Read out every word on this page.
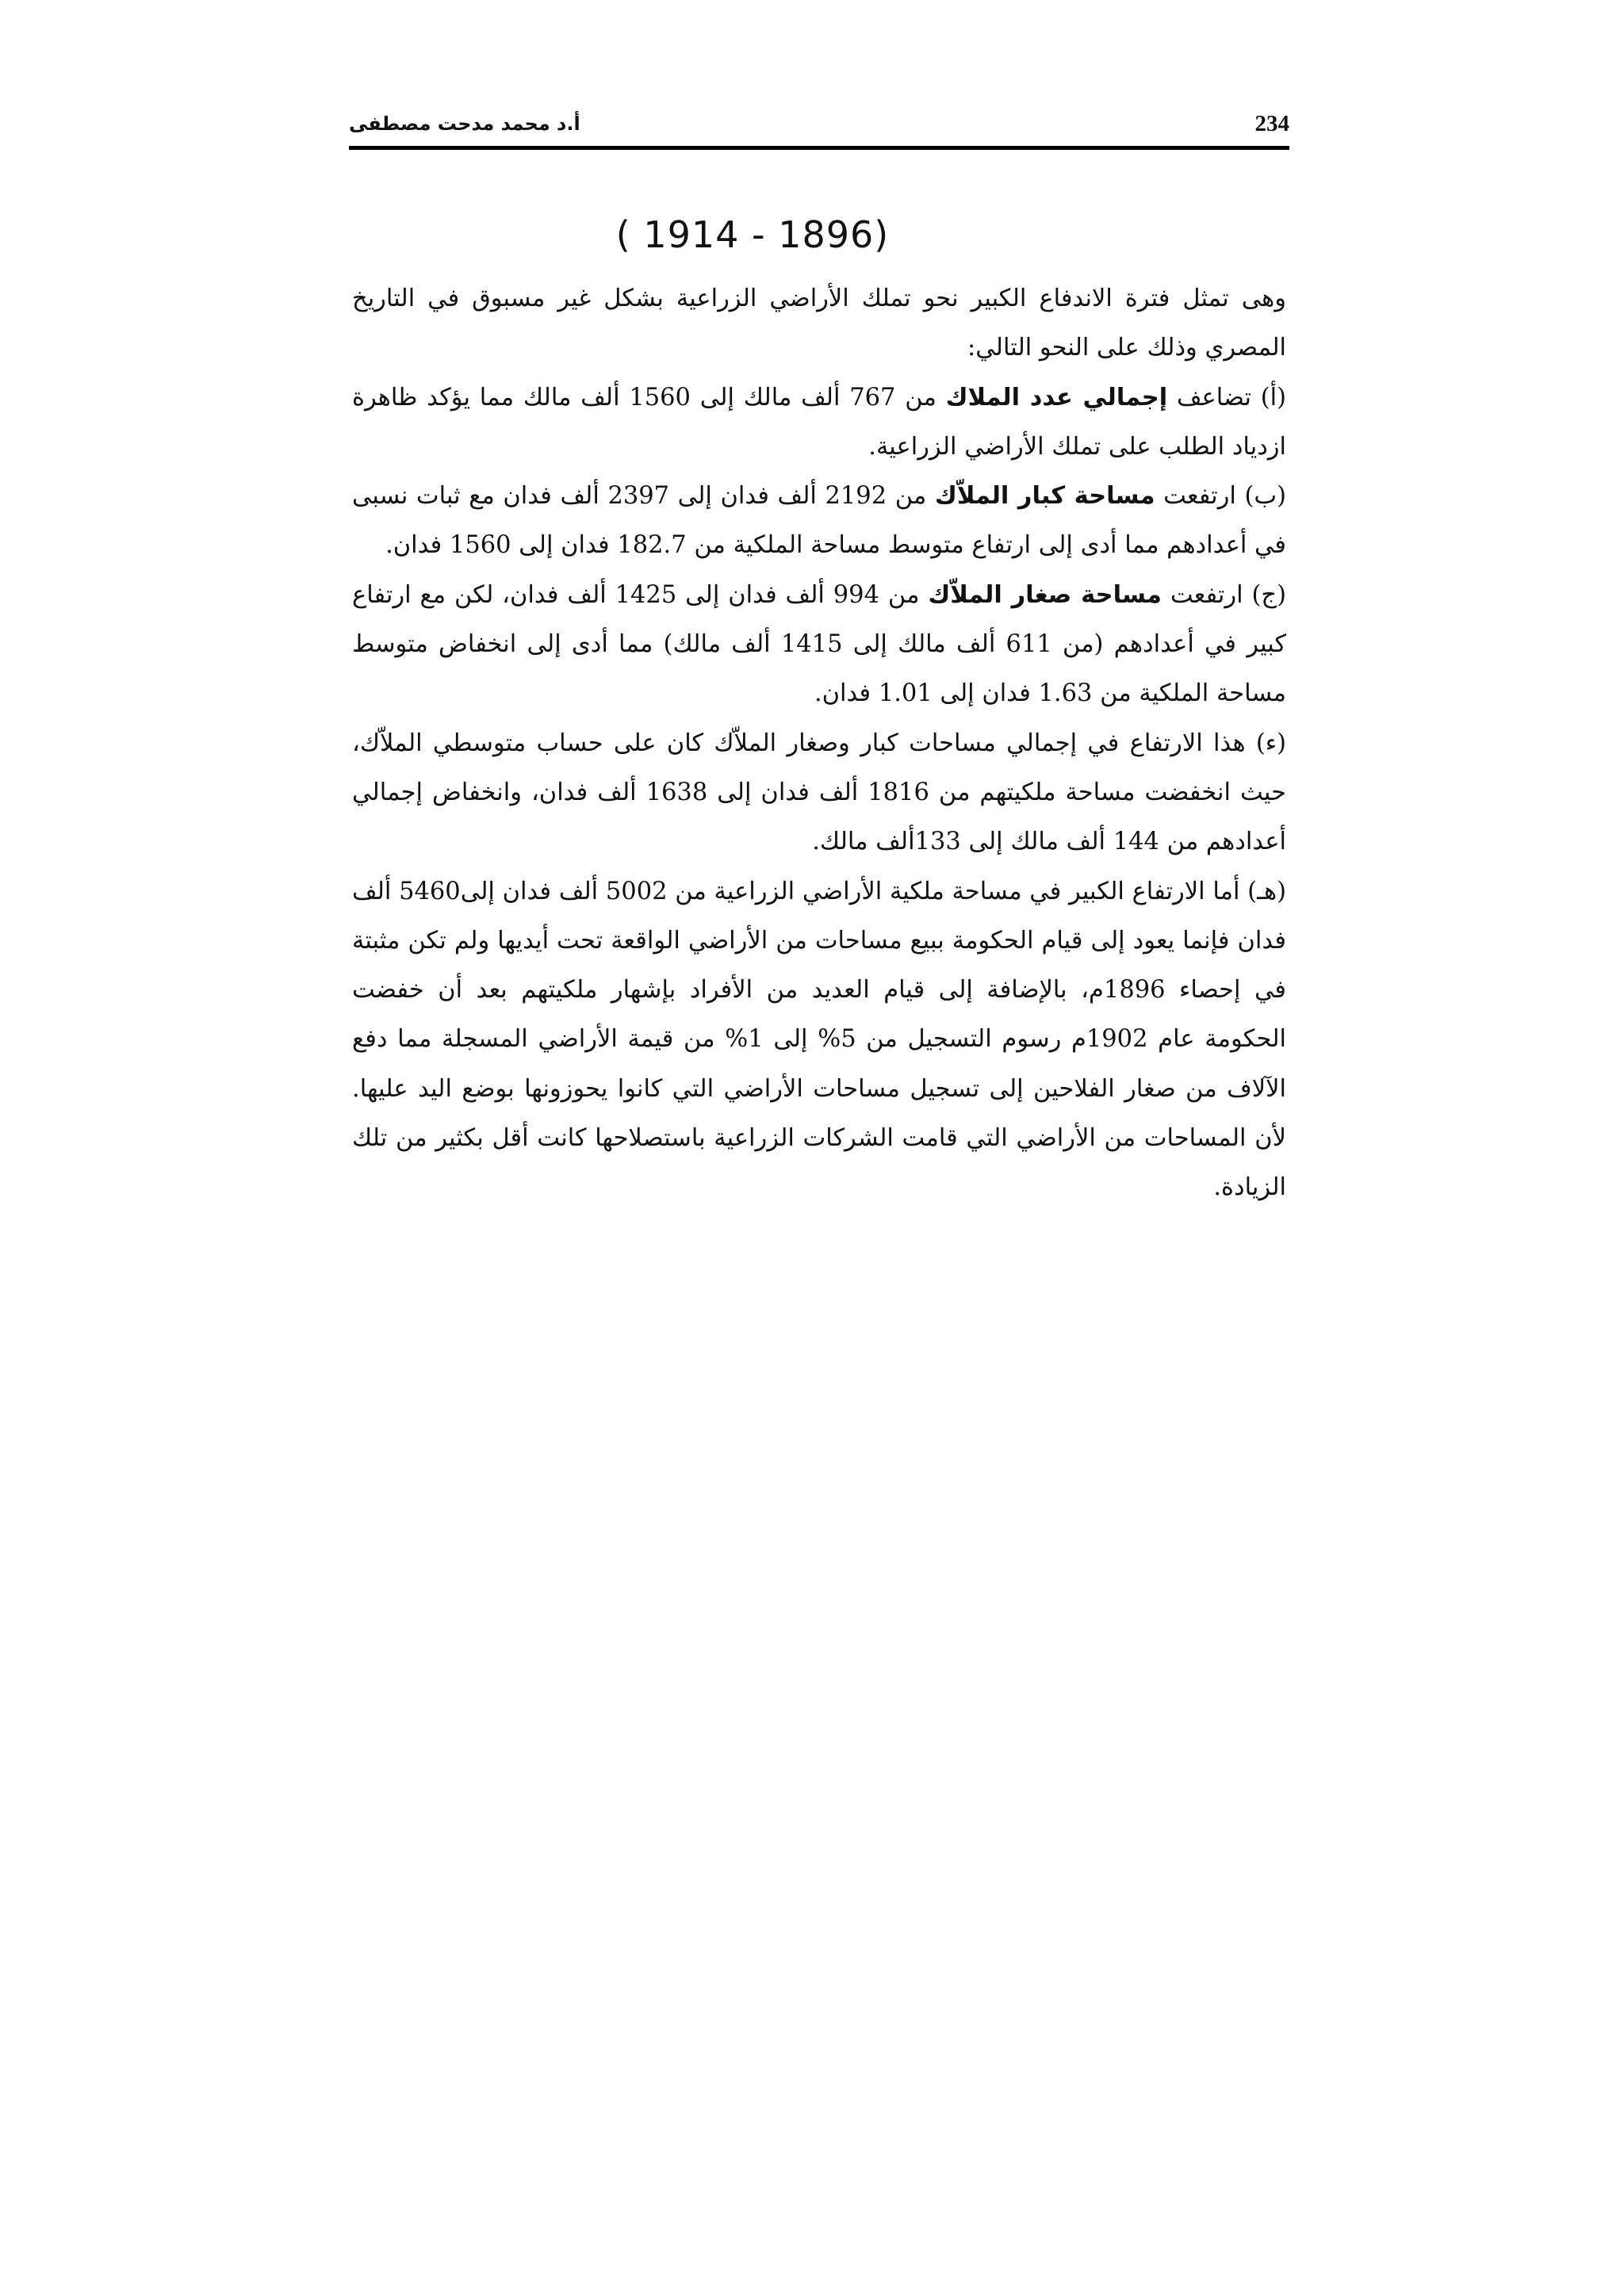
234
أ.د محمد مدحت مصطفى
( 1914 - 1896)

وهى تمثل فترة الاندفاع الكبير نحو تملك الأراضي الزراعية بشكل غير مسبوق في التاريخ المصري وذلك على النحو التالي:

(أ) تضاعف إجمالي عدد الملاك من 767 ألف مالك إلى 1560 ألف مالك مما يؤكد ظاهرة ازدياد الطلب على تملك الأراضي الزراعية.

(ب) ارتفعت مساحة كبار الملاّك من 2192 ألف فدان إلى 2397 ألف فدان مع ثبات نسبى في أعدادهم مما أدى إلى ارتفاع متوسط مساحة الملكية من 182.7 فدان إلى 1560 فدان.

(ج) ارتفعت مساحة صغار الملاّك من 994 ألف فدان إلى 1425 ألف فدان، لكن مع ارتفاع كبير في أعدادهم (من 611 ألف مالك إلى 1415 ألف مالك) مما أدى إلى انخفاض متوسط مساحة الملكية من 1.63 فدان إلى 1.01 فدان.

(ء) هذا الارتفاع في إجمالي مساحات كبار وصغار الملاّك كان على حساب متوسطي الملاّك، حيث انخفضت مساحة ملكيتهم من 1816 ألف فدان إلى 1638 ألف فدان، وانخفاض إجمالي أعدادهم من 144 ألف مالك إلى 133ألف مالك.

(هـ) أما الارتفاع الكبير في مساحة ملكية الأراضي الزراعية من 5002 ألف فدان إلى5460 ألف فدان فإنما يعود إلى قيام الحكومة ببيع مساحات من الأراضي الواقعة تحت أيديها ولم تكن مثبتة في إحصاء 1896م، بالإضافة إلى قيام العديد من الأفراد بإشهار ملكيتهم بعد أن خفضت الحكومة عام 1902م رسوم التسجيل من 5% إلى 1% من قيمة الأراضي المسجلة مما دفع الآلاف من صغار الفلاحين إلى تسجيل مساحات الأراضي التي كانوا يحوزونها بوضع اليد عليها. لأن المساحات من الأراضي التي قامت الشركات الزراعية باستصلاحها كانت أقل بكثير من تلك الزيادة.
